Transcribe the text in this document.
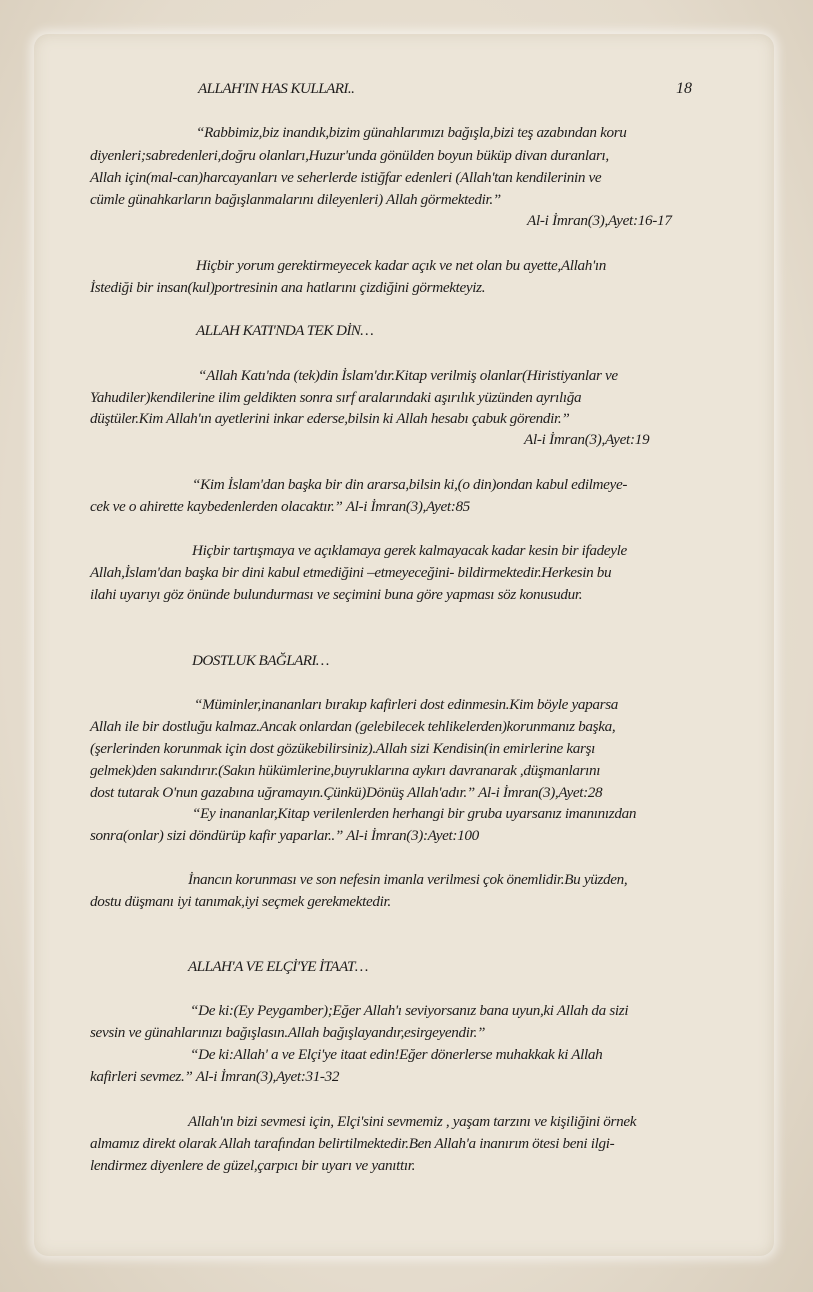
ALLAH'IN HAS KULLARI..	18
“Rabbimiz,biz inandık,bizim günahlarımızı bağışla,bizi teş azabından koru
diyenleri;sabredenleri,doğru olanları,Huzur'unda gönülden boyun büküp divan duranları,
Allah için(mal-can)harcayanları ve seherlerde istiğfar edenleri (Allah'tan kendilerinin ve
cümle günahkarların bağışlanmalarını dileyenleri) Allah görmektedir.”
Al-i İmran(3),Ayet:16-17
Hiçbir yorum gerektirmeyecek kadar açık ve net olan bu ayette,Allah'ın
İstediği bir insan(kul)portresinin ana hatlarını çizdiğini görmekteyiz.
ALLAH KATI'NDA TEK DİN…
“Allah Katı'nda (tek)din İslam'dır.Kitap verilmiş olanlar(Hiristiyanlar ve
Yahudiler)kendilerine ilim geldikten sonra sırf aralarındaki aşırılık yüzünden ayrılığa
düştüler.Kim Allah'ın ayetlerini inkar ederse,bilsin ki Allah hesabı çabuk görendir.”
Al-i İmran(3),Ayet:19
“Kim İslam'dan başka bir din ararsa,bilsin ki,(o din)ondan kabul edilmeye-
cek ve o ahirette kaybedenlerden olacaktır.” Al-i İmran(3),Ayet:85
Hiçbir tartışmaya ve açıklamaya gerek kalmayacak kadar kesin bir ifadeyle
Allah,İslam'dan başka bir dini kabul etmediğini –etmeyeceğini- bildirmektedir.Herkesin bu
ilahi uyarıyı göz önünde bulundurması ve seçimini buna göre yapması söz konusudur.
DOSTLUK BAĞLARI…
“Müminler,inananları bırakıp kafirleri dost edinmesin.Kim böyle yaparsa
Allah ile bir dostluğu kalmaz.Ancak onlardan (gelebilecek tehlikelerden)korunmanız başka,
(şerlerinden korunmak için dost gözükebilirsiniz).Allah sizi Kendisin(in emirlerine karşı
gelmek)den sakındırır.(Sakın hükümlerine,buyruklarına aykırı davranarak ,düşmanlarını
dost tutarak O'nun gazabına uğramayın.Çünkü)Dönüş Allah'adır.” Al-i İmran(3),Ayet:28
“Ey inananlar,Kitap verilenlerden herhangi bir gruba uyarsanız imanınızdan
sonra(onlar) sizi döndürüp kafir yaparlar..” Al-i İmran(3):Ayet:100
İnancın korunması ve son nefesin imanla verilmesi çok önemlidir.Bu yüzden,
dostu düşmanı iyi tanımak,iyi seçmek gerekmektedir.
ALLAH'A VE ELÇİ'YE İTAAT…
“De ki:(Ey Peygamber);Eğer Allah'ı seviyorsanız bana uyun,ki Allah da sizi
sevsin ve günahlarınızı bağışlasın.Allah bağışlayandır,esirgeyendir.”
“De ki:Allah' a ve Elçi'ye itaat edin!Eğer dönerlerse muhakkak ki Allah
kafirleri sevmez.” Al-i İmran(3),Ayet:31-32
Allah'ın bizi sevmesi için, Elçi'sini sevmemiz , yaşam tarzını ve kişiliğini örnek
almamız direkt olarak Allah tarafından belirtilmektedir.Ben Allah'a inanırım ötesi beni ilgi-
lendirmez diyenlere de güzel,çarpıcı bir uyarı ve yanıttır.
